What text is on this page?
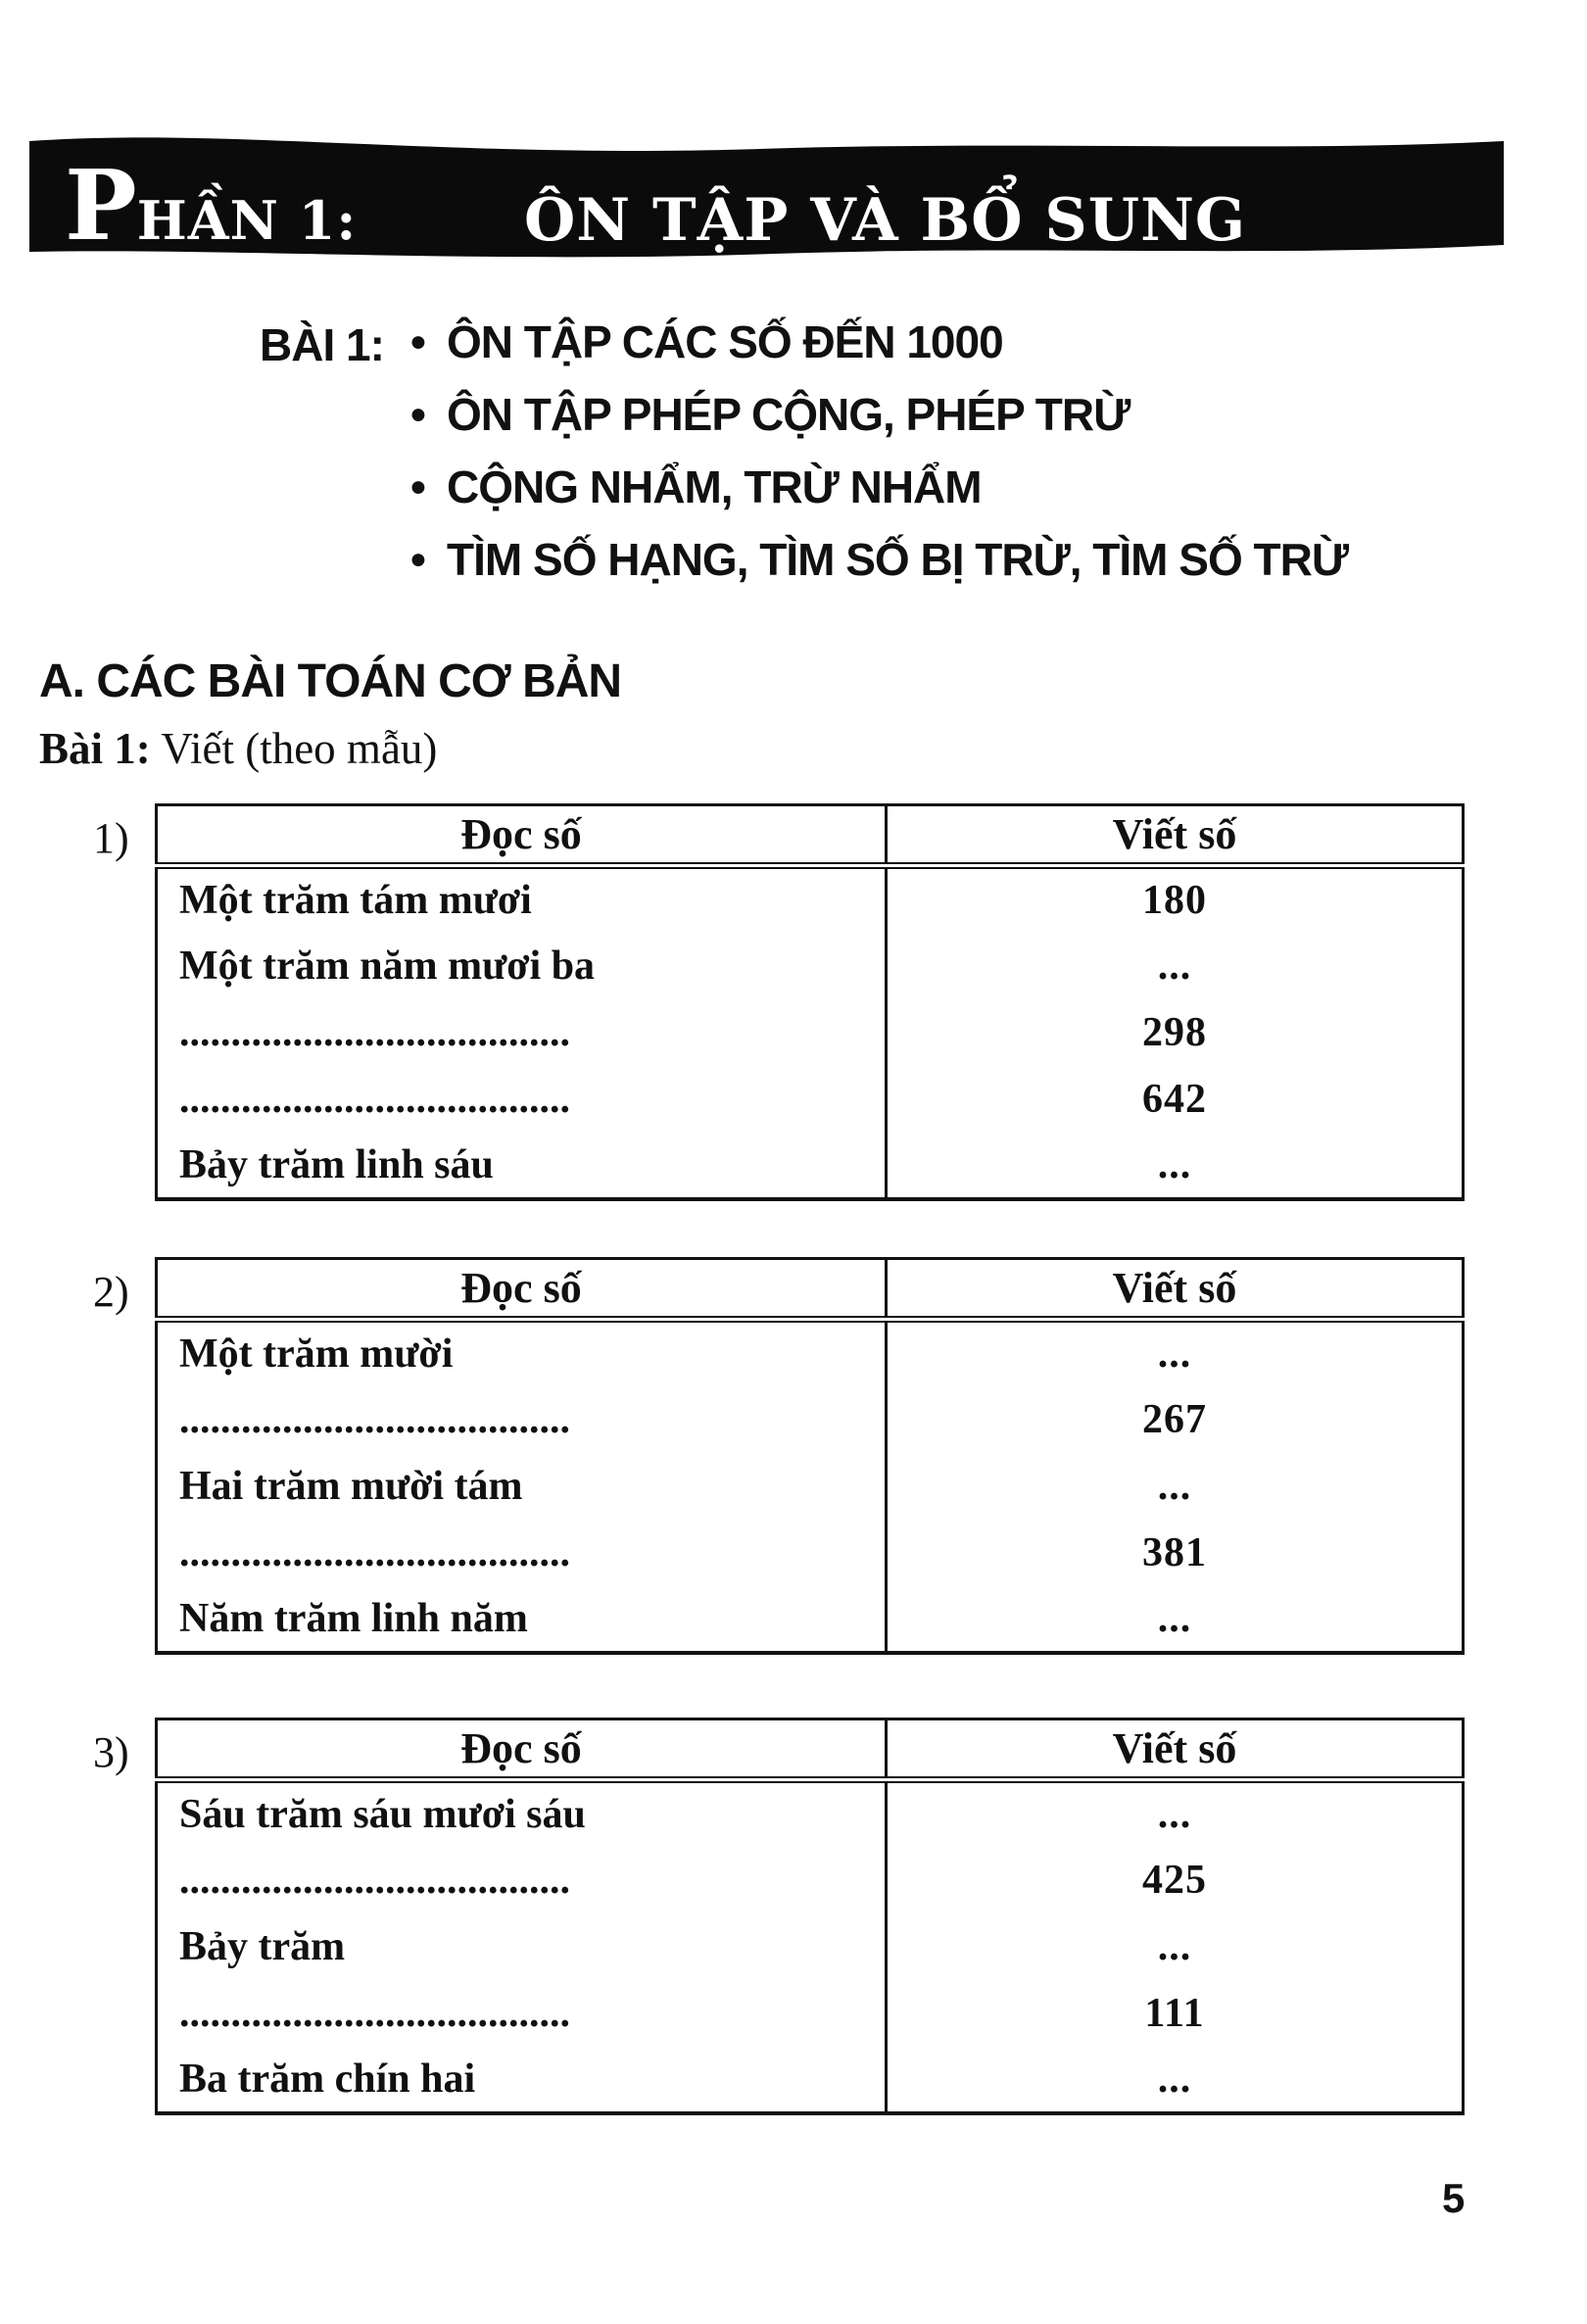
PHẦN 1:	ÔN TẬP VÀ BỔ SUNG
BÀI 1: ● ÔN TẬP CÁC SỐ ĐẾN 1000
● ÔN TẬP PHÉP CỘNG, PHÉP TRỪ
● CỘNG NHẨM, TRỪ NHẨM
● TÌM SỐ HẠNG, TÌM SỐ BỊ TRỪ, TÌM SỐ TRỪ
A. CÁC BÀI TOÁN CƠ BẢN
Bài 1: Viết (theo mẫu)
1)	Đọc số	Viết số
Một trăm tám mươi	180
Một trăm năm mươi ba	...
......................................	298
......................................	642
Bảy trăm linh sáu	...
2)	Đọc số	Viết số
Một trăm mười	...
......................................	267
Hai trăm mười tám	...
......................................	381
Năm trăm linh năm	...
3)	Đọc số	Viết số
Sáu trăm sáu mươi sáu	...
......................................	425
Bảy trăm	...
......................................	111
Ba trăm chín hai	...
5
